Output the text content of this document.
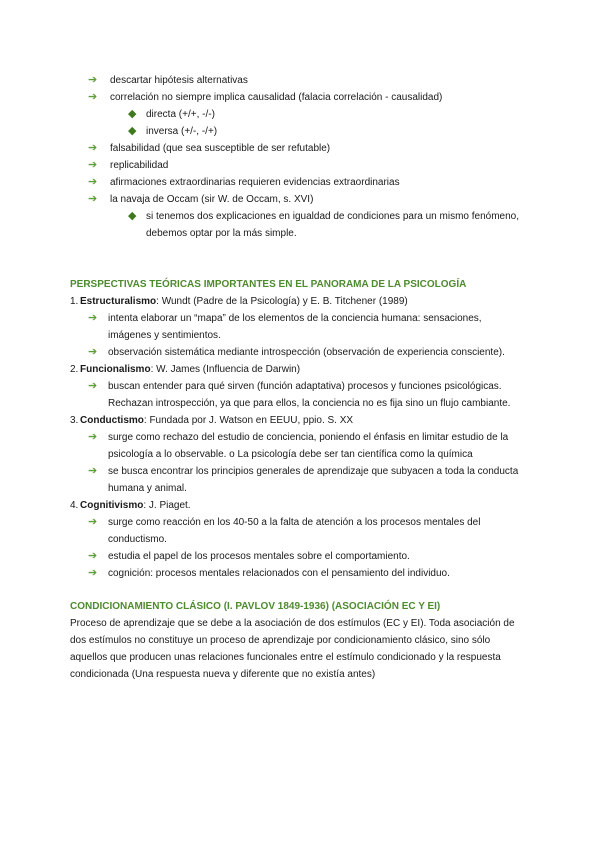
➔ descartar hipótesis alternativas
➔ correlación no siempre implica causalidad (falacia correlación - causalidad)
◆ directa (+/+, -/-)
◆ inversa (+/-, -/+)
➔ falsabilidad (que sea susceptible de ser refutable)
➔ replicabilidad
➔ afirmaciones extraordinarias requieren evidencias extraordinarias
➔ la navaja de Occam (sir W. de Occam, s. XVI)
◆ si tenemos dos explicaciones en igualdad de condiciones para un mismo fenómeno, debemos optar por la más simple.
PERSPECTIVAS TEÓRICAS IMPORTANTES EN EL PANORAMA DE LA PSICOLOGÍA
1. Estructuralismo: Wundt (Padre de la Psicología) y E. B. Titchener (1989)
➔ intenta elaborar un “mapa” de los elementos de la conciencia humana: sensaciones, imágenes y sentimientos.
➔ observación sistemática mediante introspección (observación de experiencia consciente).
2. Funcionalismo: W. James (Influencia de Darwin)
➔ buscan entender para qué sirven (función adaptativa) procesos y funciones psicológicas. Rechazan introspección, ya que para ellos, la conciencia no es fija sino un flujo cambiante.
3. Conductismo: Fundada por J. Watson en EEUU, ppio. S. XX
➔ surge como rechazo del estudio de conciencia, poniendo el énfasis en limitar estudio de la psicología a lo observable. o La psicología debe ser tan científica como la química
➔ se busca encontrar los principios generales de aprendizaje que subyacen a toda la conducta humana y animal.
4. Cognitivismo: J. Piaget.
➔ surge como reacción en los 40-50 a la falta de atención a los procesos mentales del conductismo.
➔ estudia el papel de los procesos mentales sobre el comportamiento.
➔ cognición: procesos mentales relacionados con el pensamiento del individuo.
CONDICIONAMIENTO CLÁSICO (I. PAVLOV 1849-1936) (ASOCIACIÓN EC Y EI)
Proceso de aprendizaje que se debe a la asociación de dos estímulos (EC y EI). Toda asociación de dos estímulos no constituye un proceso de aprendizaje por condicionamiento clásico, sino sólo aquellos que producen unas relaciones funcionales entre el estímulo condicionado y la respuesta condicionada (Una respuesta nueva y diferente que no existía antes)
